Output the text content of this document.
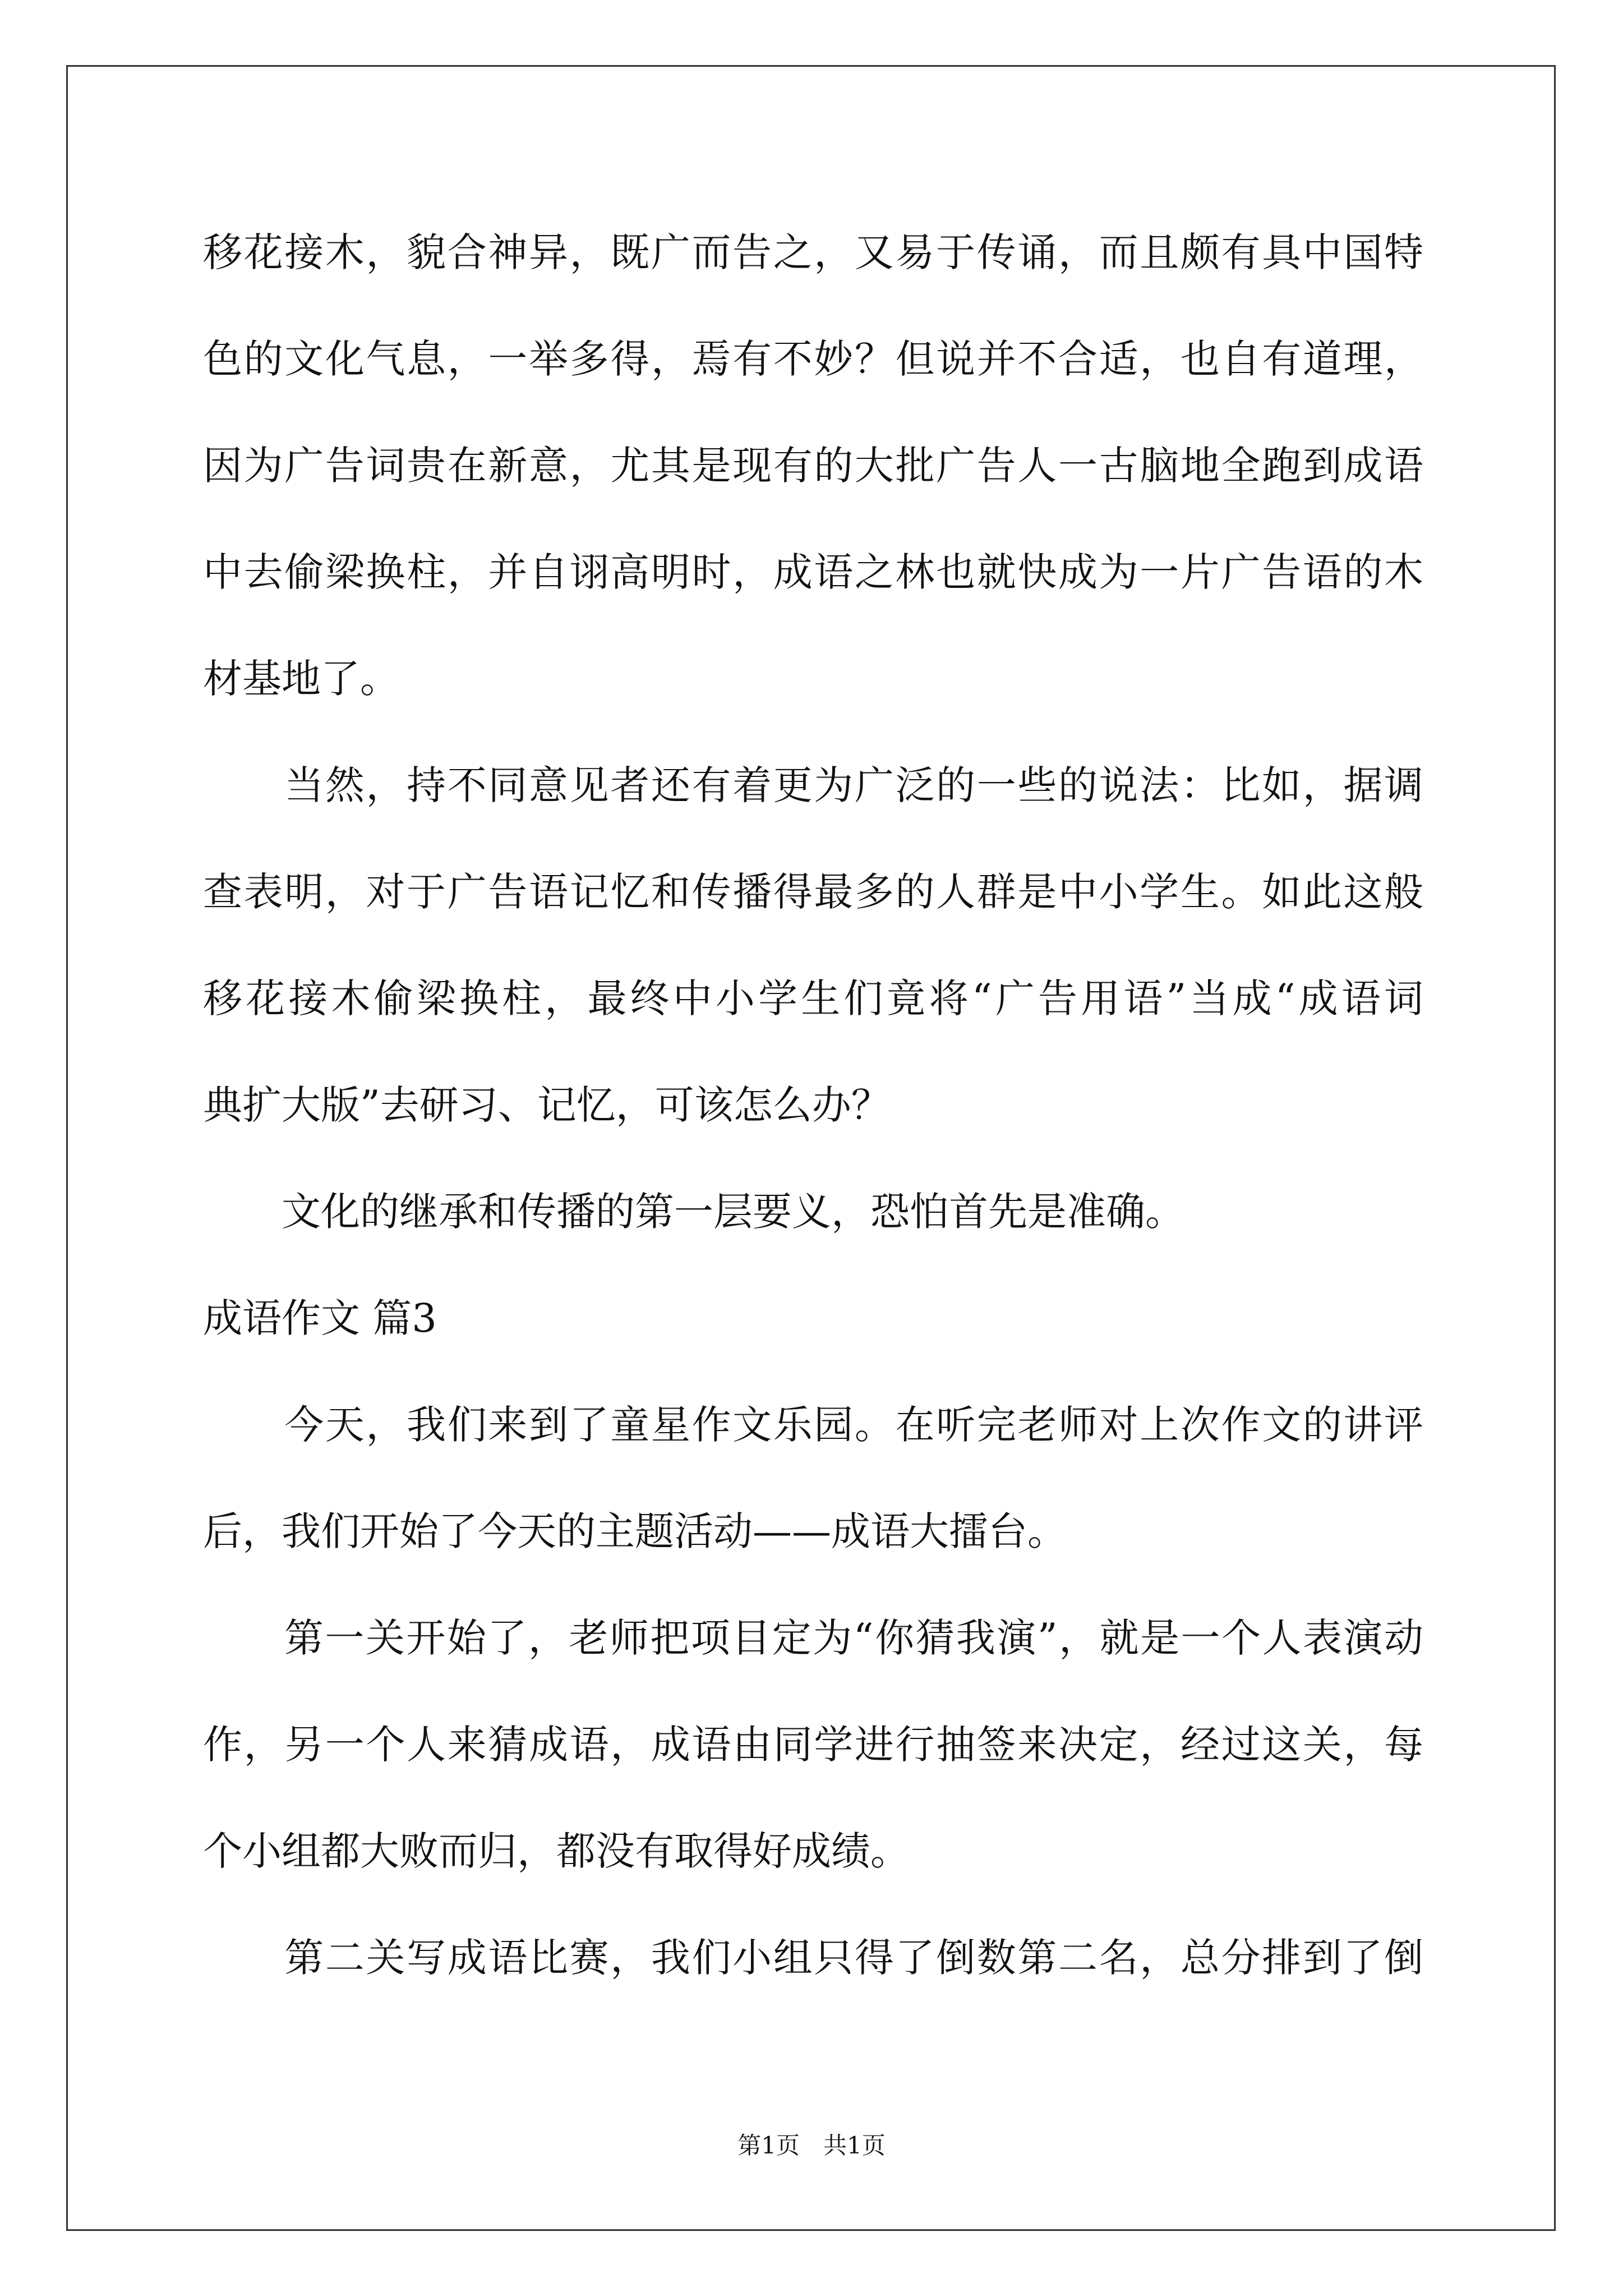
移花接木，貌合神异，既广而告之，又易于传诵，而且颇有具中国特
色的文化气息，一举多得，焉有不妙？但说并不合适，也自有道理，
因为广告词贵在新意，尤其是现有的大批广告人一古脑地全跑到成语
中去偷梁换柱，并自诩高明时，成语之林也就快成为一片广告语的木
材基地了。
　　当然，持不同意见者还有着更为广泛的一些的说法：比如，据调
查表明，对于广告语记忆和传播得最多的人群是中小学生。如此这般
移花接木偷梁换柱，最终中小学生们竟将“广告用语”当成“成语词
典扩大版”去研习、记忆，可该怎么办？
　　文化的继承和传播的第一层要义，恐怕首先是准确。
成语作文 篇3
　　今天，我们来到了童星作文乐园。在听完老师对上次作文的讲评
后，我们开始了今天的主题活动——成语大擂台。
　　第一关开始了，老师把项目定为“你猜我演”，就是一个人表演动
作，另一个人来猜成语，成语由同学进行抽签来决定，经过这关，每
个小组都大败而归，都没有取得好成绩。
　　第二关写成语比赛，我们小组只得了倒数第二名，总分排到了倒
第1页　共1页
